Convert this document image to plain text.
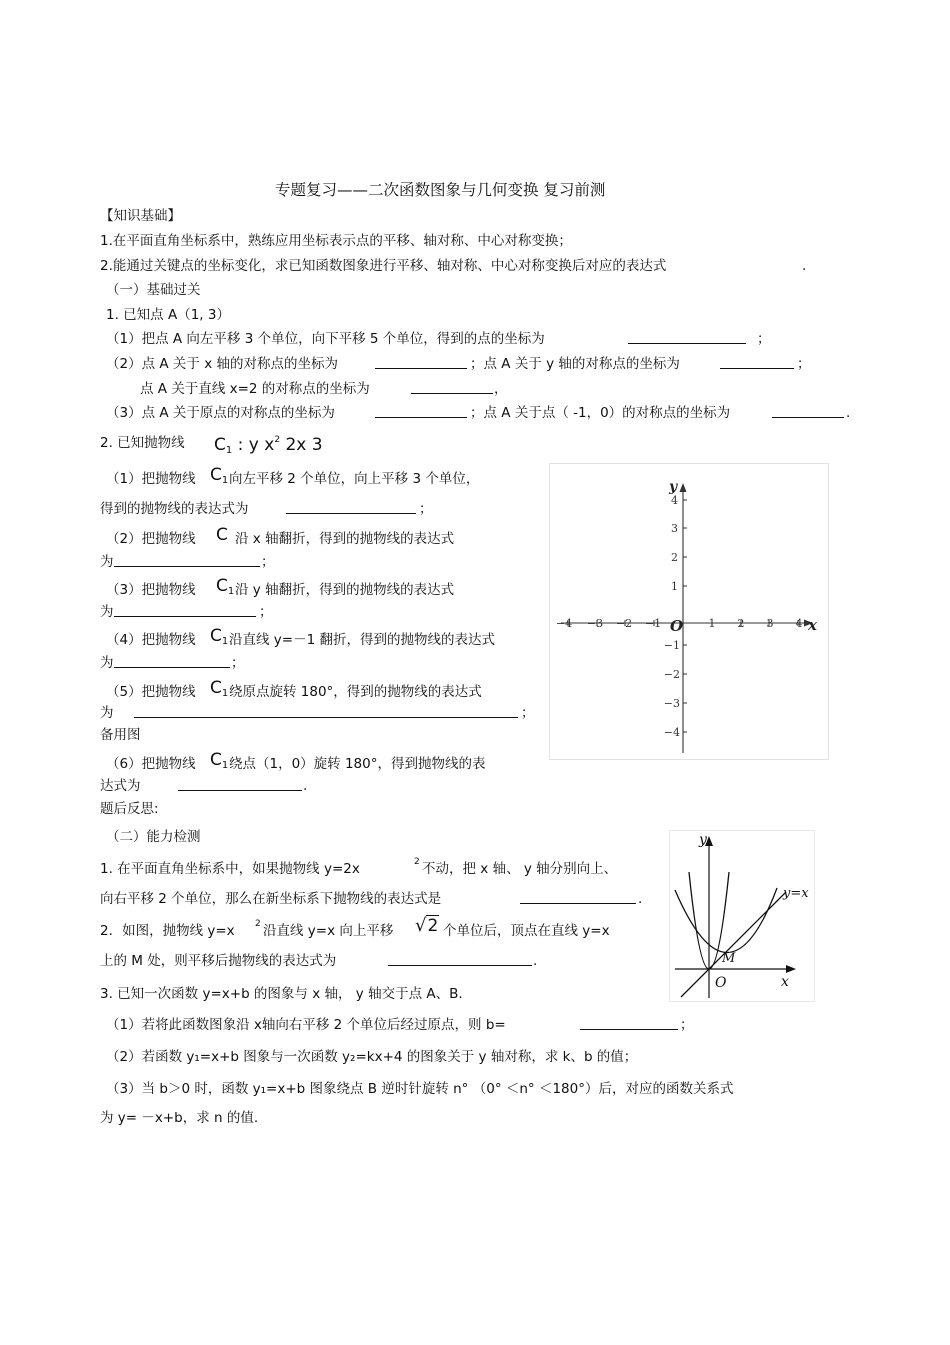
专题复习——二次函数图象与几何变换 复习前测
【知识基础】
1.在平面直角坐标系中，熟练应用坐标表示点的平移、轴对称、中心对称变换；
2.能通过关键点的坐标变化，求已知函数图象进行平移、轴对称、中心对称变换后对应的表达式	.
（一）基础过关
1. 已知点 A（1, 3）
（1）把点 A 向左平移 3 个单位，向下平移 5 个单位，得到的点的坐标为	；
（2）点 A 关于 x 轴的对称点的坐标为	；点 A 关于 y 轴的对称点的坐标为	；
点 A 关于直线 x=2 的对称点的坐标为	，
（3）点 A 关于原点的对称点的坐标为	；点 A 关于点（ -1，0）的对称点的坐标为	.
2. 已知抛物线 $C_1$ : y $x^2$ 2x 3
（1）把抛物线 $C_1$ 向左平移 2 个单位，向上平移 3 个单位，
得到的抛物线的表达式为	；
（2）把抛物线 C 沿 x 轴翻折，得到的抛物线的表达式
为	；
（3）把抛物线 $C_1$ 沿 y 轴翻折，得到的抛物线的表达式
为	；
（4）把抛物线 $C_1$ 沿直线 y=－1 翻折，得到的抛物线的表达式
为	；
（5）把抛物线 $C_1$ 绕原点旋转 180°，得到的抛物线的表达式
为	；
备用图
（6）把抛物线 $C_1$ 绕点（1，0）旋转 180°，得到抛物线的表
达式为	.
题后反思:
−4 −3 −2 −1	1 2 3 4
4
3
2
1
−1
−2
−3
−4
y
x
O
（二）能力检测
1. 在平面直角坐标系中，如果抛物线 y=2x	2 不动，把 x 轴、 y 轴分别向上、
向右平移 2 个单位，那么在新坐标系下抛物线的表达式是	.
2．如图，抛物线 y=x 2 沿直线 y=x 向上平移 √2 个单位后，顶点在直线 y=x
上的 M 处，则平移后抛物线的表达式为	.
3. 已知一次函数 y=x+b 的图象与 x 轴， y 轴交于点 A、B.
（1）若将此函数图象沿 x轴向右平移 2 个单位后经过原点，则 b=	；
（2）若函数 y₁=x+b 图象与一次函数 y₂=kx+4 的图象关于 y 轴对称，求 k、b 的值；
（3）当 b＞0 时，函数 y₁=x+b 图象绕点 B 逆时针旋转 n° （0° ＜n° ＜180°）后，对应的函数关系式
为 y= －x+b，求 n 的值.
M
y
x
O
y=x
